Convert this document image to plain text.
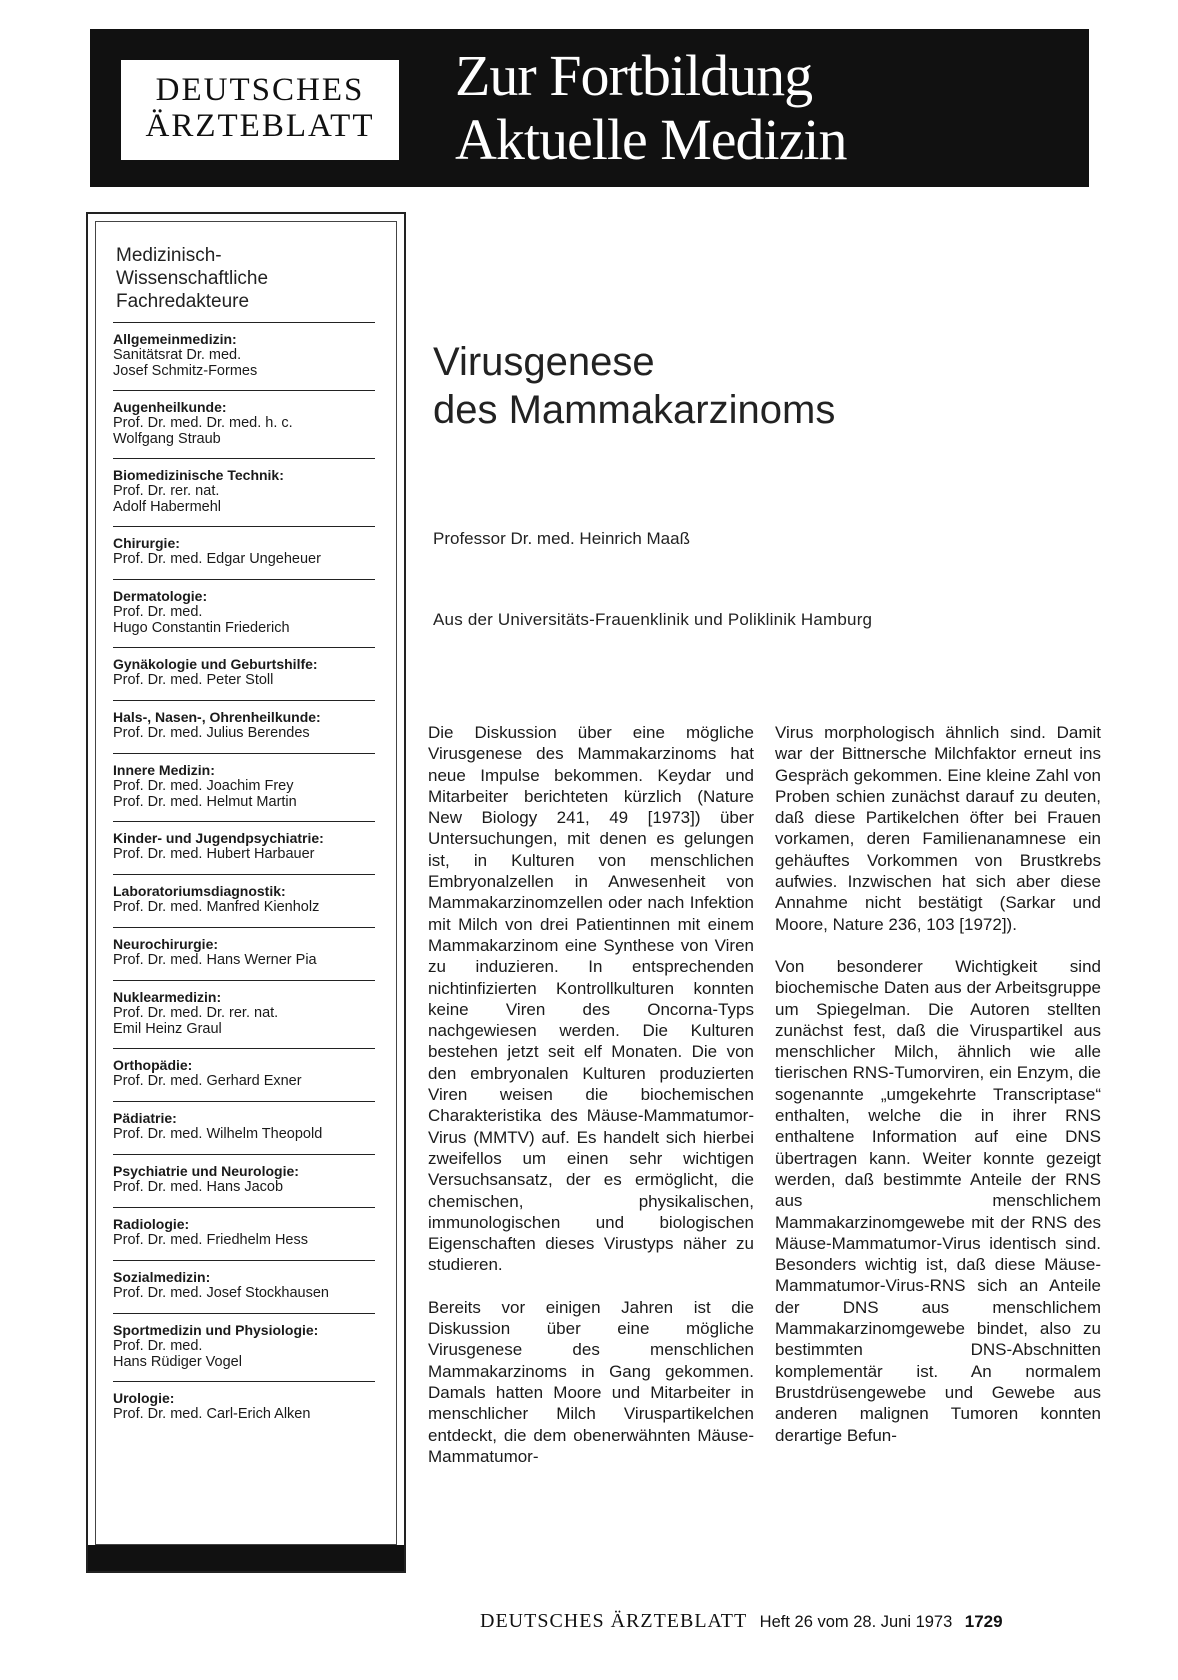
DEUTSCHES
ÄRZTEBLATT
Zur Fortbildung
Aktuelle Medizin
Medizinisch-
Wissenschaftliche
Fachredakteure
Allgemeinmedizin:
Sanitätsrat Dr. med.
Josef Schmitz-Formes
Augenheilkunde:
Prof. Dr. med. Dr. med. h. c.
Wolfgang Straub
Biomedizinische Technik:
Prof. Dr. rer. nat.
Adolf Habermehl
Chirurgie:
Prof. Dr. med. Edgar Ungeheuer
Dermatologie:
Prof. Dr. med.
Hugo Constantin Friederich
Gynäkologie und Geburtshilfe:
Prof. Dr. med. Peter Stoll
Hals-, Nasen-, Ohrenheilkunde:
Prof. Dr. med. Julius Berendes
Innere Medizin:
Prof. Dr. med. Joachim Frey
Prof. Dr. med. Helmut Martin
Kinder- und Jugendpsychiatrie:
Prof. Dr. med. Hubert Harbauer
Laboratoriumsdiagnostik:
Prof. Dr. med. Manfred Kienholz
Neurochirurgie:
Prof. Dr. med. Hans Werner Pia
Nuklearmedizin:
Prof. Dr. med. Dr. rer. nat.
Emil Heinz Graul
Orthopädie:
Prof. Dr. med. Gerhard Exner
Pädiatrie:
Prof. Dr. med. Wilhelm Theopold
Psychiatrie und Neurologie:
Prof. Dr. med. Hans Jacob
Radiologie:
Prof. Dr. med. Friedhelm Hess
Sozialmedizin:
Prof. Dr. med. Josef Stockhausen
Sportmedizin und Physiologie:
Prof. Dr. med.
Hans Rüdiger Vogel
Urologie:
Prof. Dr. med. Carl-Erich Alken
Virusgenese
des Mammakarzinoms
Professor Dr. med. Heinrich Maaß
Aus der Universitäts-Frauenklinik und Poliklinik Hamburg

Die Diskussion über eine mögliche Virusgenese des Mammakarzinoms hat neue Impulse bekommen. Keydar und Mitarbeiter berichteten kürzlich (Nature New Biology 241, 49 [1973]) über Untersuchungen, mit denen es gelungen ist, in Kulturen von menschlichen Embryonalzellen in Anwesenheit von Mammakarzinomzellen oder nach Infektion mit Milch von drei Patientinnen mit einem Mammakarzinom eine Synthese von Viren zu induzieren. In entsprechenden nichtinfizierten Kontrollkulturen konnten keine Viren des Oncorna-Typs nachgewiesen werden. Die Kulturen bestehen jetzt seit elf Monaten. Die von den embryonalen Kulturen produzierten Viren weisen die biochemischen Charakteristika des Mäuse-Mammatumor-Virus (MMTV) auf. Es handelt sich hierbei zweifellos um einen sehr wichtigen Versuchsansatz, der es ermöglicht, die chemischen, physikalischen, immunologischen und biologischen Eigenschaften dieses Virustyps näher zu studieren.

Bereits vor einigen Jahren ist die Diskussion über eine mögliche Virusgenese des menschlichen Mammakarzinoms in Gang gekommen. Damals hatten Moore und Mitarbeiter in menschlicher Milch Viruspartikelchen entdeckt, die dem obenerwähnten Mäuse-Mammatumor-

Virus morphologisch ähnlich sind. Damit war der Bittnersche Milchfaktor erneut ins Gespräch gekommen. Eine kleine Zahl von Proben schien zunächst darauf zu deuten, daß diese Partikelchen öfter bei Frauen vorkamen, deren Familienanamnese ein gehäuftes Vorkommen von Brustkrebs aufwies. Inzwischen hat sich aber diese Annahme nicht bestätigt (Sarkar und Moore, Nature 236, 103 [1972]).

Von besonderer Wichtigkeit sind biochemische Daten aus der Arbeitsgruppe um Spiegelman. Die Autoren stellten zunächst fest, daß die Viruspartikel aus menschlicher Milch, ähnlich wie alle tierischen RNS-Tumorviren, ein Enzym, die sogenannte „umgekehrte Transcriptase“ enthalten, welche die in ihrer RNS enthaltene Information auf eine DNS übertragen kann. Weiter konnte gezeigt werden, daß bestimmte Anteile der RNS aus menschlichem Mammakarzinomgewebe mit der RNS des Mäuse-Mammatumor-Virus identisch sind. Besonders wichtig ist, daß diese Mäuse-Mammatumor-Virus-RNS sich an Anteile der DNS aus menschlichem Mammakarzinomgewebe bindet, also zu bestimmten DNS-Abschnitten komplementär ist. An normalem Brustdrüsengewebe und Gewebe aus anderen malignen Tumoren konnten derartige Befun-

DEUTSCHES ÄRZTEBLATT Heft 26 vom 28. Juni 1973 1729
